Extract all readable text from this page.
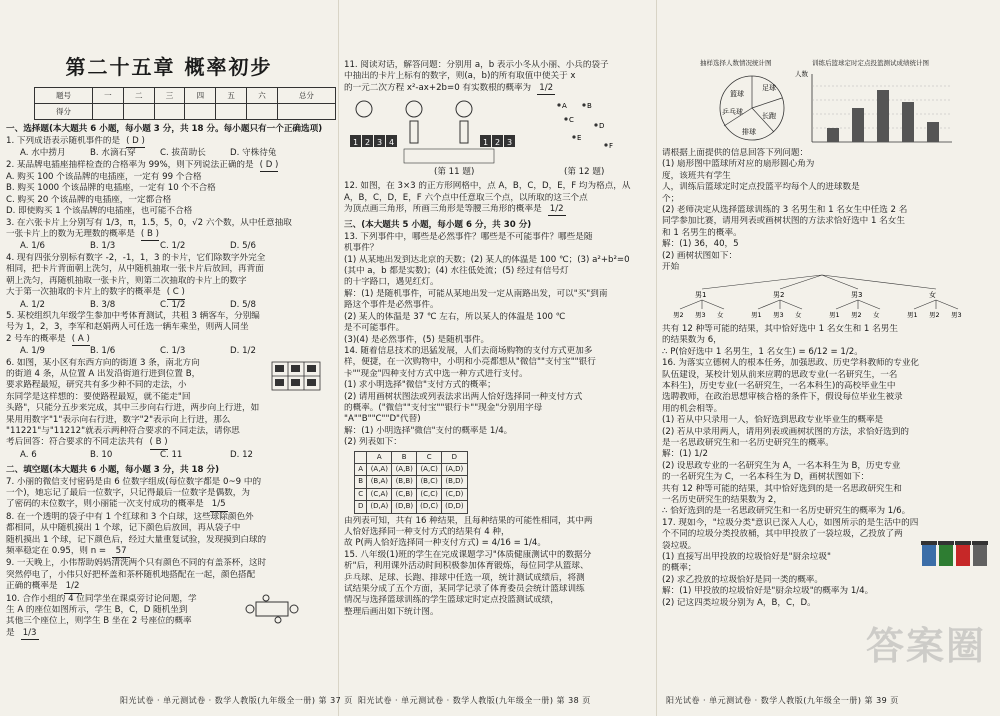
第二十五章 概率初步
题号	一	二	三	四	五	六	总分
得分							
一、选择题(本大题共 6 小题，每小题 3 分，共 18 分。每小题只有一个正确选项)
1. 下列成语表示随机事件的是 ( D )
A. 水中捞月	B. 水滴石穿	C. 拔苗助长	D. 守株待兔
2. 某品牌电插座抽样检查的合格率为 99%，则下列说法正确的是 ( D )
A. 购买 100 个该品牌的电插座，一定有 99 个合格
B. 购买 1000 个该品牌的电插座，一定有 10 个不合格
C. 购买 20 个该品牌的电插座，一定都合格
D. 即使购买 1 个该品牌的电插座，也可能不合格
3. 在六张卡片上分别写有 1/3，π，1.5，5，0，√2 六个数，从中任意抽取
一张卡片上的数为无理数的概率是 ( B )
A. 1/6	B. 1/3	C. 1/2	D. 5/6
4. 现有四张分别标有数字 -2，-1，1，3 的卡片，它们除数字外完全
相同，把卡片背面朝上洗匀，从中随机抽取一张卡片后放回，再背面
朝上洗匀，再随机抽取一张卡片，则第二次抽取的卡片上的数字
大于第一次抽取的卡片上的数字的概率是 ( C )
A. 1/2	B. 3/8	C. 1/2	D. 5/8
5. 某校组织九年级学生参加中考体育测试，共租 3 辆客车，分别编
号为 1，2，3，李军和赵娟两人可任选一辆车乘坐，则两人同坐
2 号车的概率是 ( A )
A. 1/9	B. 1/6	C. 1/3	D. 1/2
6. 如图，某小区有东西方向的街道 3 条，南北方向
的街道 4 条，从位置 A 出发沿街道行进到位置 B，
要求路程最短，研究共有多少种不同的走法，小
东同学是这样想的：要使路程最短，就不能走"回
头路"，只能分五步来完成，其中三步向右行进，两步向上行进，如
果用用数字"1"表示向右行进，数字"2"表示向上行进，那么
"11221"与"11212"就表示两种符合要求的不同走法，请你思
考后回答：符合要求的不同走法共有 ( B )
A. 6	B. 10	C. 11	D. 12
二、填空题(本大题共 6 小题，每小题 3 分，共 18 分)
7. 小丽的微信支付密码是由 6 位数字组成(每位数字都是 0~9 中的
一个)，她忘记了最后一位数字，只记得最后一位数字是偶数，为
了密码的末位数字，则小丽能一次支付成功的概率是 1/5
8. 在一个透明的袋子中有 1 个红球和 3 个白球，这些球除颜色外
都相同，从中随机摸出 1 个球，记下颜色后放回，再从袋子中
随机摸出 1 个球，记下颜色后，经过大量重复试验，发现摸到白球的
频率稳定在 0.95，则 n = 57
9. 一天晚上，小伟帮助妈妈清洗两个只有颜色不同的有盖茶杯，这时
突然停电了，小伟只好把杯盖和茶杯随机地搭配在一起，颜色搭配
正确的概率是 1/2
10. 合作小组的 4 位同学坐在课桌旁讨论问题，学
生 A 的座位如图所示，学生 B，C，D 随机坐到
其他三个座位上，则学生 B 坐在 2 号座位的概率
是 1/3
阳光试卷 · 单元测试卷 · 数学人教版(九年级全一册) 第 37 页
11. 阅读对话，解答问题：分别用 a，b 表示小冬从小丽、小兵的袋子
中抽出的卡片上标有的数字，则(a，b)的所有取值中使关于 x
的一元二次方程 x²-ax+2b=0 有实数根的概率为 1/2
1 2 3 4	1 2 3
A	B
C
D
E
F
(第 11 题)	(第 12 题)
12. 如图，在 3×3 的正方形网格中，点 A，B，C，D，E，F 均为格点，从
A，B，C，D，E，F 六个点中任意取三个点，以所取的这三个点
为顶点画三角形，所画三角形是等腰三角形的概率是 1/2
三、(本大题共 5 小题，每小题 6 分，共 30 分)
13. 下列事件中，哪些是必然事件？哪些是不可能事件？哪些是随
机事件？
(1) 从某地出发到达北京的天数；(2) 某人的体温是 100 ℃；(3) a²+b²=0
(其中 a，b 都是实数)；(4) 水往低处流；(5) 经过有信号灯
的十字路口，遇见红灯。
解：(1) 是随机事件，可能从某地出发一定从南路出发，可以"买"到南
路这个事件是必然事件。
(2) 某人的体温是 37 ℃ 左右，所以某人的体温是 100 ℃
是不可能事件。
(3)(4) 是必然事件，(5) 是随机事件。
14. 随着信息技术的迅猛发展，人们去商场购物的支付方式更加多
样，便捷，在一次购物中，小明和小亮都想从"微信""支付宝""银行
卡""现金"四种支付方式中选一种方式进行支付。
(1) 求小明选择"微信"支付方式的概率；
(2) 请用画树状图法或列表法求出两人恰好选择同一种支付方式
的概率。("微信""支付宝""银行卡""现金"分别用字母
"A""B""C""D"代替)
解：(1) 小明选择"微信"支付的概率是 1/4。
(2) 列表如下：
	A	B	C	D
A	(A,A)	(A,B)	(A,C)	(A,D)
B	(B,A)	(B,B)	(B,C)	(B,D)
C	(C,A)	(C,B)	(C,C)	(C,D)
D	(D,A)	(D,B)	(D,C)	(D,D)
由列表可知，共有 16 种结果，且每种结果的可能性相同，其中两
人恰好选择同一种支付方式的结果有 4 种，
故 P(两人恰好选择同一种支付方式) = 4/16 = 1/4。
15. 八年级(1)班的学生在完成课题学习"体质健康测试中的数据分
析"后，利用课外活动时间积极参加体育锻炼，每位同学从篮球、
乒乓球、足球、长跑、排球中任选一项，统计测试成绩后，将测
试结果分成了五个方面，某同学记录了体育委员会统计篮球训练
情况与选择篮球训练的学生篮球定时定点投篮测试成绩，
整理后画出如下统计图。
阳光试卷 · 单元测试卷 · 数学人教版(九年级全一册) 第 38 页
抽样选择人数情况统计图	训练后篮球定时定点投篮测试成绩统计图
篮球
足球
长跑
排球
乒乓球
人数
请根据上面提供的信息回答下列问题：
(1) 扇形图中篮球所对应的扇形圆心角为
度，该班共有学生
人，训练后篮球定时定点投篮平均每个人的进球数是
个；
(2) 老师决定从选择篮球训练的 3 名男生和 1 名女生中任选 2 名
同学参加比赛，请用列表或画树状图的方法求恰好选中 1 名女生
和 1 名男生的概率。
解：(1) 36，40，5
(2) 画树状图如下：
开始
男1
男2 男3 女
男2
男1 男3 女
男3
男1 男2 女
女
男1 男2 男3
共有 12 种等可能的结果，其中恰好选中 1 名女生和 1 名男生
的结果数为 6，
∴ P(恰好选中 1 名男生，1 名女生) = 6/12 = 1/2。
16. 为落实立德树人的根本任务，加强思政、历史学科教师的专业化
队伍建设，某校计划从前来应聘的思政专业(一名研究生，一名
本科生)，历史专业(一名研究生，一名本科生)的高校毕业生中
选聘教师，在政治思想审核合格的条件下，假设每位毕业生被录
用的机会相等。
(1) 若从中只录用一人，恰好选到思政专业毕业生的概率是
(2) 若从中录用两人，请用列表或画树状图的方法，求恰好选到的
是一名思政研究生和一名历史研究生的概率。
解：(1) 1/2
(2) 设思政专业的一名研究生为 A，一名本科生为 B，历史专业
的一名研究生为 C，一名本科生为 D，画树状图如下：
共有 12 种等可能的结果，其中恰好选到的是一名思政研究生和
一名历史研究生的结果数为 2，
∴ 恰好选到的是一名思政研究生和一名历史研究生的概率为 1/6。
17. 现如今，"垃圾分类"意识已深入人心，如图所示的是生活中的四
个不同的垃圾分类投放桶，其中甲投放了一袋垃圾，乙投放了两
袋垃圾。
(1) 直接写出甲投放的垃圾恰好是"厨余垃圾"
的概率；
(2) 求乙投放的垃圾恰好是同一类的概率。
解：(1) 甲投放的垃圾恰好是"厨余垃圾"的概率为 1/4。
(2) 记这四类垃圾分别为 A，B，C，D。
阳光试卷 · 单元测试卷 · 数学人教版(九年级全一册) 第 39 页
答案圈
